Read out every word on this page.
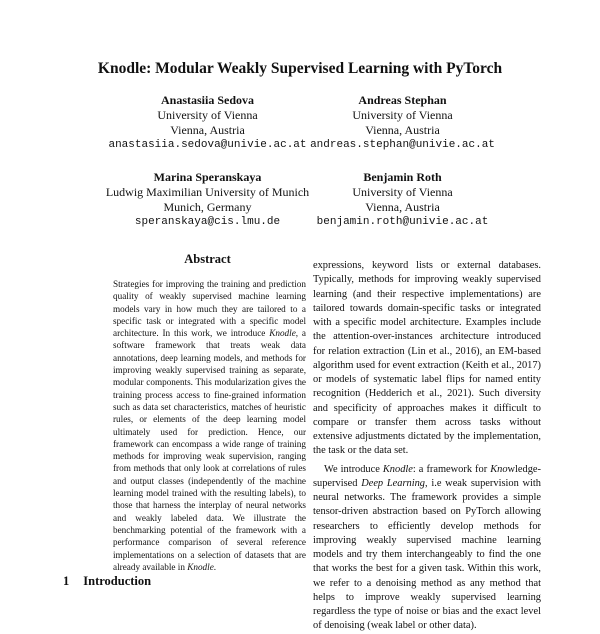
Knodle: Modular Weakly Supervised Learning with PyTorch
Anastasiia Sedova
University of Vienna
Vienna, Austria
anastasiia.sedova@univie.ac.at
Andreas Stephan
University of Vienna
Vienna, Austria
andreas.stephan@univie.ac.at
Marina Speranskaya
Ludwig Maximilian University of Munich
Munich, Germany
speranskaya@cis.lmu.de
Benjamin Roth
University of Vienna
Vienna, Austria
benjamin.roth@univie.ac.at
Abstract
Strategies for improving the training and prediction quality of weakly supervised machine learning models vary in how much they are tailored to a specific task or integrated with a specific model architecture. In this work, we introduce Knodle, a software framework that treats weak data annotations, deep learning models, and methods for improving weakly supervised training as separate, modular components. This modularization gives the training process access to fine-grained information such as data set characteristics, matches of heuristic rules, or elements of the deep learning model ultimately used for prediction. Hence, our framework can encompass a wide range of training methods for improving weak supervision, ranging from methods that only look at correlations of rules and output classes (independently of the machine learning model trained with the resulting labels), to those that harness the interplay of neural networks and weakly labeled data. We illustrate the benchmarking potential of the framework with a performance comparison of several reference implementations on a selection of datasets that are already available in Knodle.
1 Introduction

expressions, keyword lists or external databases. Typically, methods for improving weakly supervised learning (and their respective implementations) are tailored towards domain-specific tasks or integrated with a specific model architecture. Examples include the attention-over-instances architecture introduced for relation extraction (Lin et al., 2016), an EM-based algorithm used for event extraction (Keith et al., 2017) or models of systematic label flips for named entity recognition (Hedderich et al., 2021). Such diversity and specificity of approaches makes it difficult to compare or transfer them across tasks without extensive adjustments dictated by the implementation, the task or the data set.

We introduce Knodle: a framework for Knowledge-supervised Deep Learning, i.e weak supervision with neural networks. The framework provides a simple tensor-driven abstraction based on PyTorch allowing researchers to efficiently develop methods for improving weakly supervised machine learning models and try them interchangeably to find the one that works the best for a given task. Within this work, we refer to a denoising method as any method that helps to improve weakly supervised learning regardless the type of noise or bias and the exact level of denoising (weak label or other data).
